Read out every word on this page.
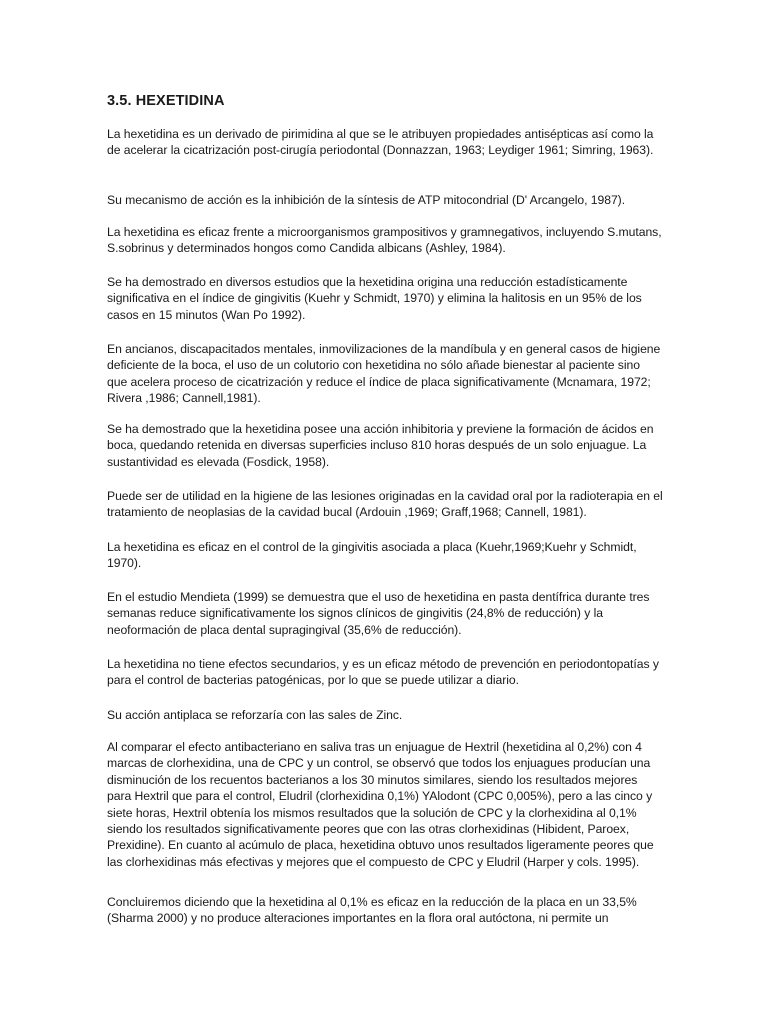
3.5. HEXETIDINA

La hexetidina es un derivado de pirimidina al que se le atribuyen propiedades antisépticas así como la de acelerar la cicatrización post-cirugía periodontal (Donnazzan, 1963; Leydiger 1961; Simring, 1963).

Su mecanismo de acción es la inhibición de la síntesis de ATP mitocondrial (D' Arcangelo, 1987).

La hexetidina es eficaz frente a microorganismos grampositivos y gramnegativos, incluyendo S.mutans, S.sobrinus y determinados hongos como Candida albicans (Ashley, 1984).

Se ha demostrado en diversos estudios que la hexetidina origina una reducción estadísticamente significativa en el índice de gingivitis (Kuehr y Schmidt, 1970) y elimina la halitosis en un 95% de los casos en 15 minutos (Wan Po 1992).

En ancianos, discapacitados mentales, inmovilizaciones de la mandíbula y en general casos de higiene deficiente de la boca, el uso de un colutorio con hexetidina no sólo añade bienestar al paciente sino que acelera proceso de cicatrización y reduce el índice de placa significativamente (Mcnamara, 1972; Rivera ,1986; Cannell,1981).

Se ha demostrado que la hexetidina posee una acción inhibitoria y previene la formación de ácidos en boca, quedando retenida en diversas superficies incluso 810 horas después de un solo enjuague. La sustantividad es elevada (Fosdick, 1958).

Puede ser de utilidad en la higiene de las lesiones originadas en la cavidad oral por la radioterapia en el tratamiento de neoplasias de la cavidad bucal (Ardouin ,1969; Graff,1968; Cannell, 1981).

La hexetidina es eficaz en el control de la gingivitis asociada a placa (Kuehr,1969;Kuehr y Schmidt, 1970).

En el estudio Mendieta (1999) se demuestra que el uso de hexetidina en pasta dentífrica durante tres semanas reduce significativamente los signos clínicos de gingivitis (24,8% de reducción) y la neoformación de placa dental supragingival (35,6% de reducción).

La hexetidina no tiene efectos secundarios, y es un eficaz método de prevención en periodontopatías y para el control de bacterias patogénicas, por lo que se puede utilizar a diario.

Su acción antiplaca se reforzaría con las sales de Zinc.

Al comparar el efecto antibacteriano en saliva tras un enjuague de Hextril (hexetidina al 0,2%) con 4 marcas de clorhexidina, una de CPC y un control, se observó que todos los enjuagues producían una disminución de los recuentos bacterianos a los 30 minutos similares, siendo los resultados mejores para Hextril que para el control, Eludril (clorhexidina 0,1%) YAlodont (CPC 0,005%), pero a las cinco y siete horas, Hextril obtenía los mismos resultados que la solución de CPC y la clorhexidina al 0,1% siendo los resultados significativamente peores que con las otras clorhexidinas (Hibident, Paroex, Prexidine). En cuanto al acúmulo de placa, hexetidina obtuvo unos resultados ligeramente peores que las clorhexidinas más efectivas y mejores que el compuesto de CPC y Eludril (Harper y cols. 1995).

Concluiremos diciendo que la hexetidina al 0,1% es eficaz en la reducción de la placa en un 33,5% (Sharma 2000) y no produce alteraciones importantes en la flora oral autóctona, ni permite un
